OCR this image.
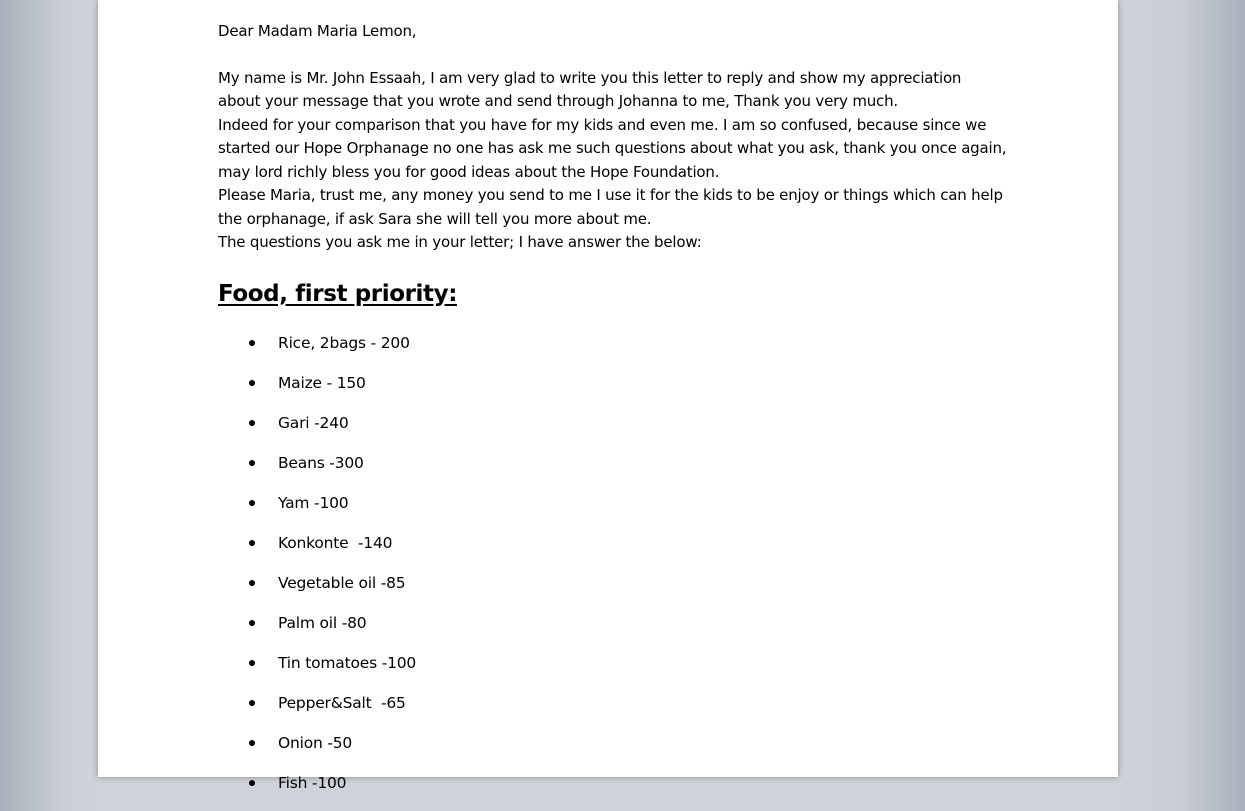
Dear Madam Maria Lemon,

My name is Mr. John Essaah, I am very glad to write you this letter to reply and show my appreciation about your message that you wrote and send through Johanna to me, Thank you very much.

Indeed for your comparison that you have for my kids and even me. I am so confused, because since we started our Hope Orphanage no one has ask me such questions about what you ask, thank you once again, may lord richly bless you for good ideas about the Hope Foundation.

Please Maria, trust me, any money you send to me I use it for the kids to be enjoy or things which can help the orphanage, if ask Sara she will tell you more about me.

The questions you ask me in your letter; I have answer the below:

Food, first priority:
Rice, 2bags - 200
Maize - 150
Gari -240
Beans -300
Yam -100
Konkonte  -140
Vegetable oil -85
Palm oil -80
Tin tomatoes -100
Pepper&Salt  -65
Onion -50
Fish -100
